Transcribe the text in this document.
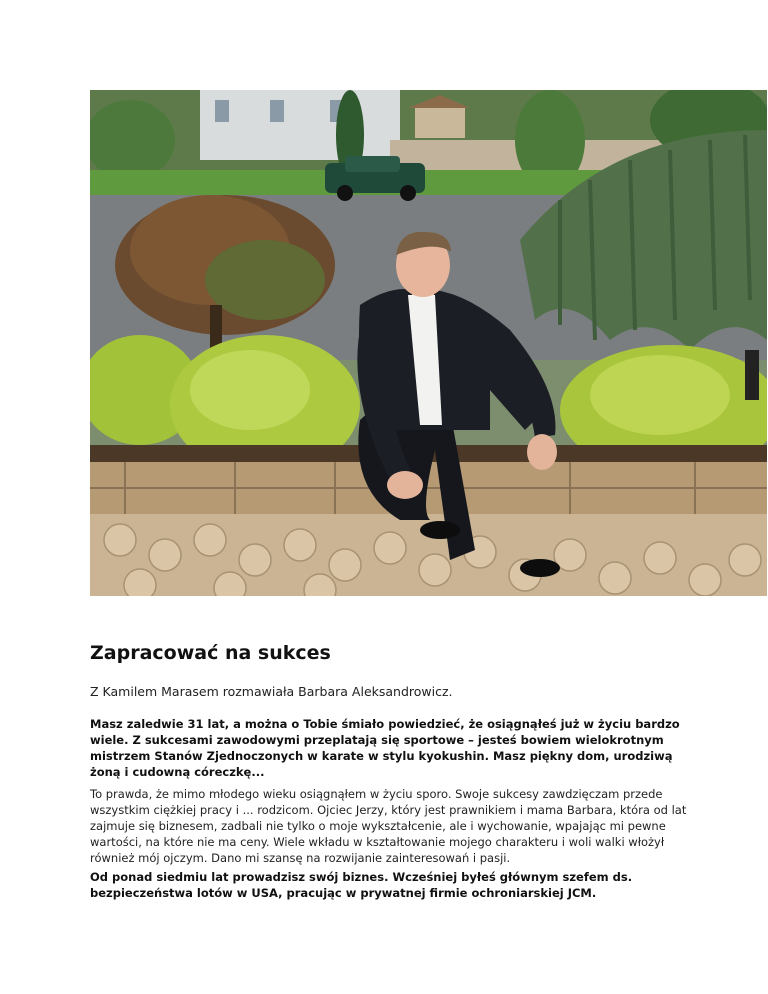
Zapracować na sukces

Z Kamilem Marasem rozmawiała Barbara Aleksandrowicz.

Masz zaledwie 31 lat, a można o Tobie śmiało powiedzieć, że osiągnąłeś już w życiu bardzo wiele. Z sukcesami zawodowymi przeplatają się sportowe – jesteś bowiem wielokrotnym mistrzem Stanów Zjednoczonych w karate w stylu kyokushin. Masz piękny dom, urodziwą żoną i cudowną córeczkę...

To prawda, że mimo młodego wieku osiągnąłem w życiu sporo. Swoje sukcesy zawdzięczam przede wszystkim ciężkiej pracy i ... rodzicom. Ojciec Jerzy, który jest prawnikiem i mama Barbara, która od lat zajmuje się biznesem, zadbali nie tylko o moje wykształcenie, ale i wychowanie, wpajając mi pewne wartości, na które nie ma ceny. Wiele wkładu w kształtowanie mojego charakteru i woli walki włożył również mój ojczym. Dano mi szansę na rozwijanie zainteresowań i pasji.

Od ponad siedmiu lat prowadzisz swój biznes. Wcześniej byłeś głównym szefem ds. bezpieczeństwa lotów w USA, pracując w prywatnej firmie ochroniarskiej JCM.
